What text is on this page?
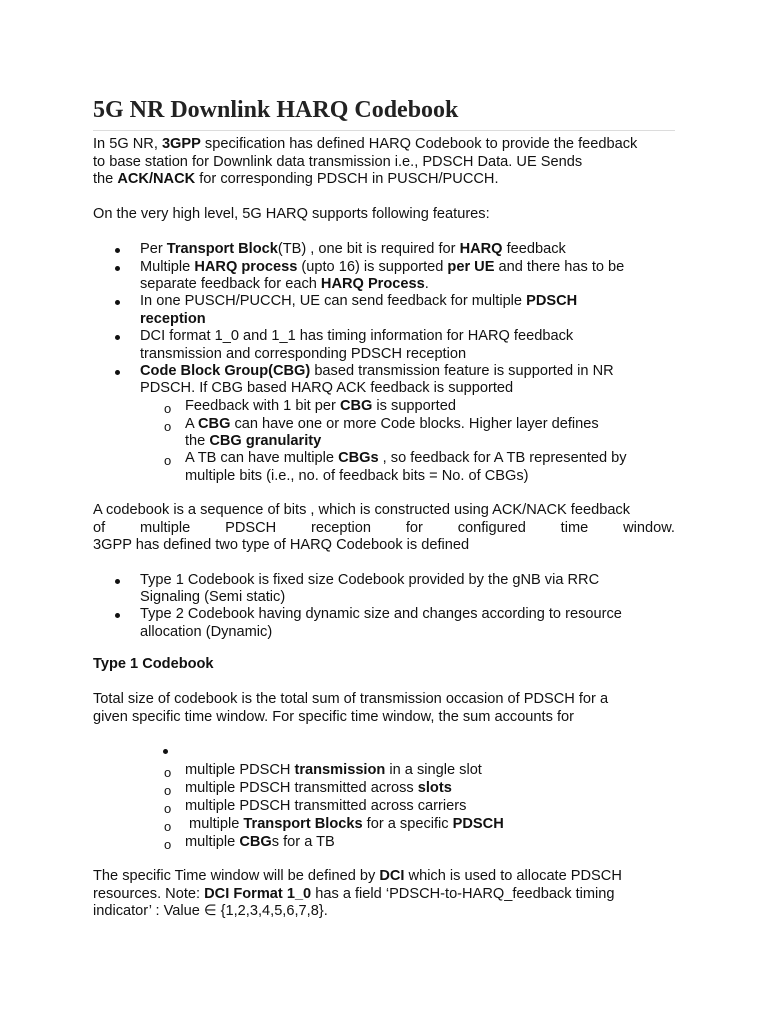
5G NR Downlink HARQ Codebook
In 5G NR, 3GPP specification has defined HARQ Codebook to provide the feedback
to base station for Downlink data transmission i.e., PDSCH Data. UE Sends
the ACK/NACK for corresponding PDSCH in PUSCH/PUCCH.
On the very high level, 5G HARQ supports following features:
Per Transport Block(TB) , one bit is required for HARQ feedback
Multiple HARQ process (upto 16) is supported per UE and there has to be
separate feedback for each HARQ Process.
In one PUSCH/PUCCH, UE can send feedback for multiple PDSCH
reception
DCI format 1_0 and 1_1 has timing information for HARQ feedback
transmission and corresponding PDSCH reception
Code Block Group(CBG) based transmission feature is supported in NR
PDSCH. If CBG based HARQ ACK feedback is supported
o Feedback with 1 bit per CBG is supported
o A CBG can have one or more Code blocks. Higher layer defines
the CBG granularity
o A TB can have multiple CBGs , so feedback for A TB represented by
multiple bits (i.e., no. of feedback bits = No. of CBGs)
A codebook is a sequence of bits , which is constructed using ACK/NACK feedback
of multiple PDSCH reception for configured time window.
3GPP has defined two type of HARQ Codebook is defined
Type 1 Codebook is fixed size Codebook provided by the gNB via RRC
Signaling (Semi static)
Type 2 Codebook having dynamic size and changes according to resource
allocation (Dynamic)
Type 1 Codebook
Total size of codebook is the total sum of transmission occasion of PDSCH for a
given specific time window. For specific time window, the sum accounts for
o multiple PDSCH transmission in a single slot
o multiple PDSCH transmitted across slots
o multiple PDSCH transmitted across carriers
o multiple Transport Blocks for a specific PDSCH
o multiple CBGs for a TB
The specific Time window will be defined by DCI which is used to allocate PDSCH
resources. Note: DCI Format 1_0 has a field ‘PDSCH-to-HARQ_feedback timing
indicator’ : Value ∈ {1,2,3,4,5,6,7,8}.
